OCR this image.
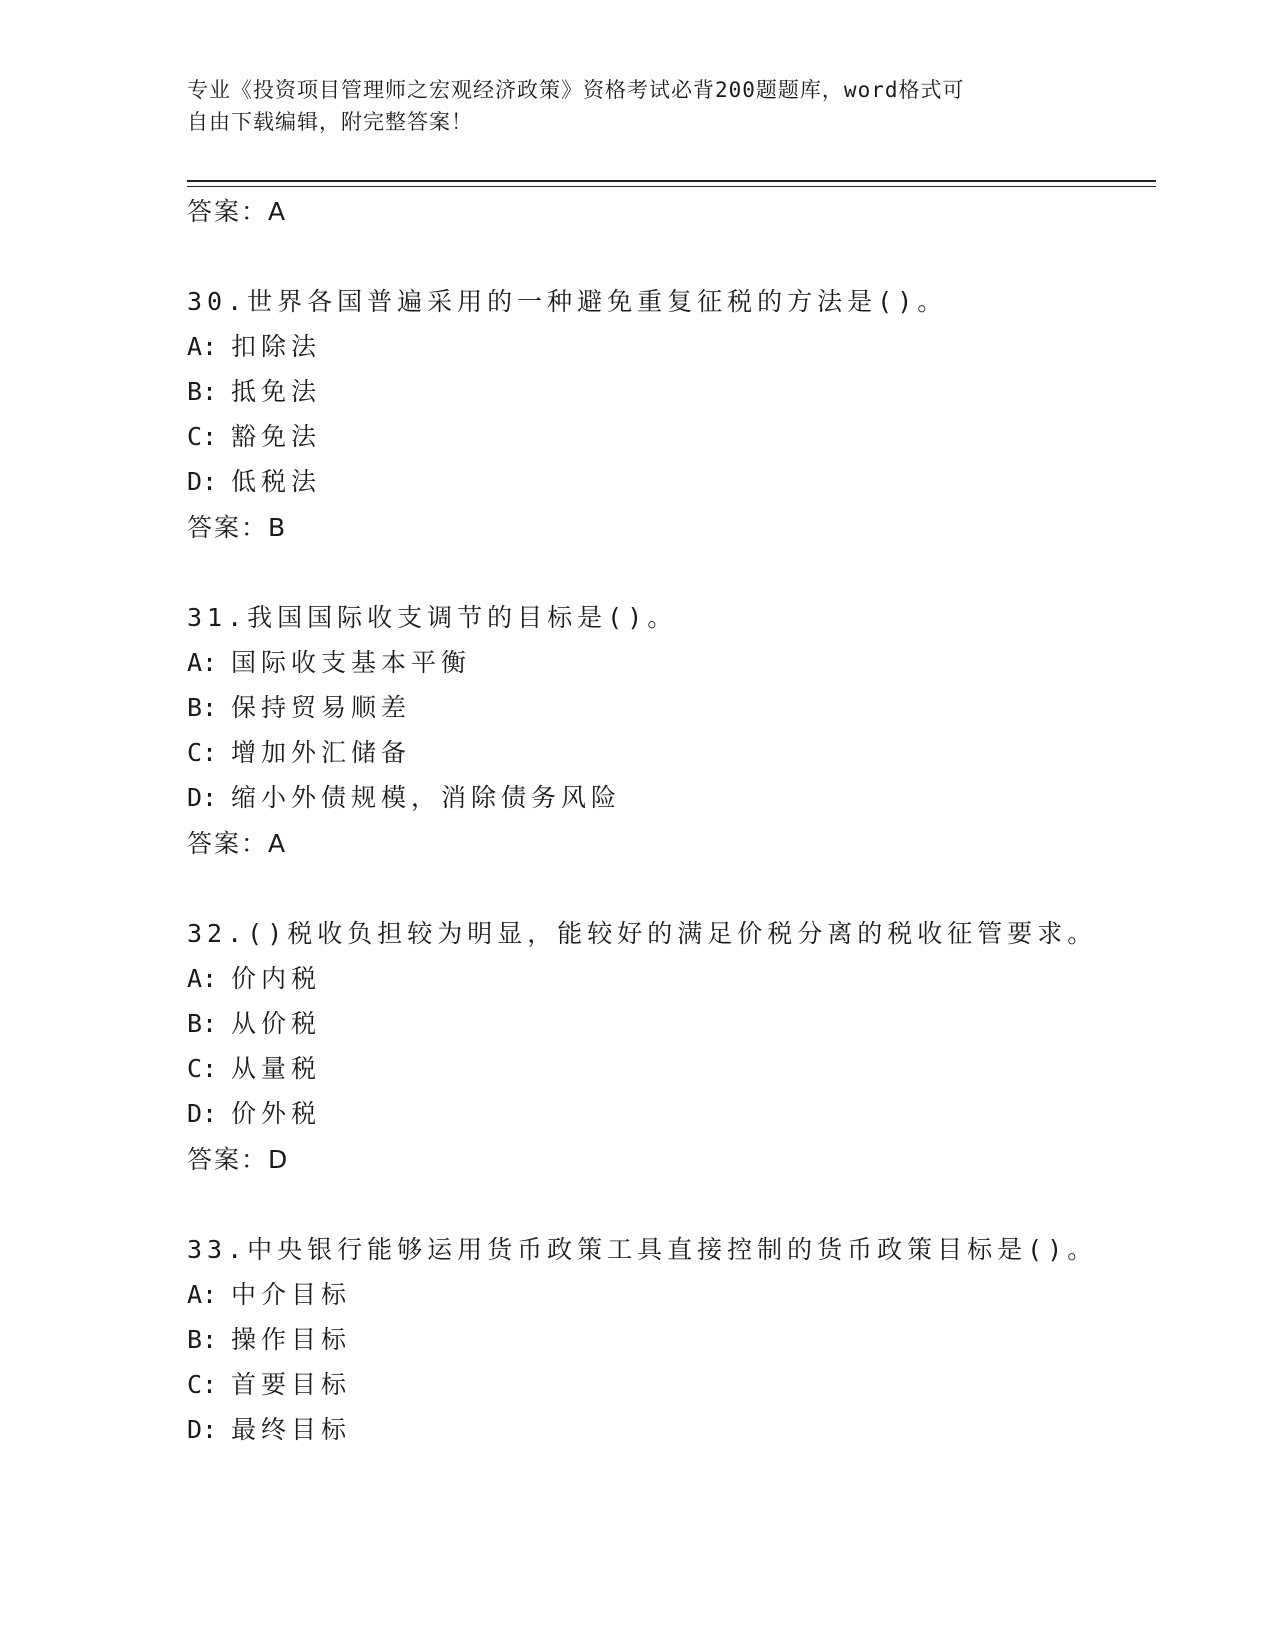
专业《投资项目管理师之宏观经济政策》资格考试必背200题题库，word格式可
自由下载编辑，附完整答案！
答案：A
30.世界各国普遍采用的一种避免重复征税的方法是()。
A: 扣除法
B: 抵免法
C: 豁免法
D: 低税法
答案：B
31.我国国际收支调节的目标是()。
A: 国际收支基本平衡
B: 保持贸易顺差
C: 增加外汇储备
D: 缩小外债规模，消除债务风险
答案：A
32.()税收负担较为明显，能较好的满足价税分离的税收征管要求。
A: 价内税
B: 从价税
C: 从量税
D: 价外税
答案：D
33.中央银行能够运用货币政策工具直接控制的货币政策目标是()。
A: 中介目标
B: 操作目标
C: 首要目标
D: 最终目标
